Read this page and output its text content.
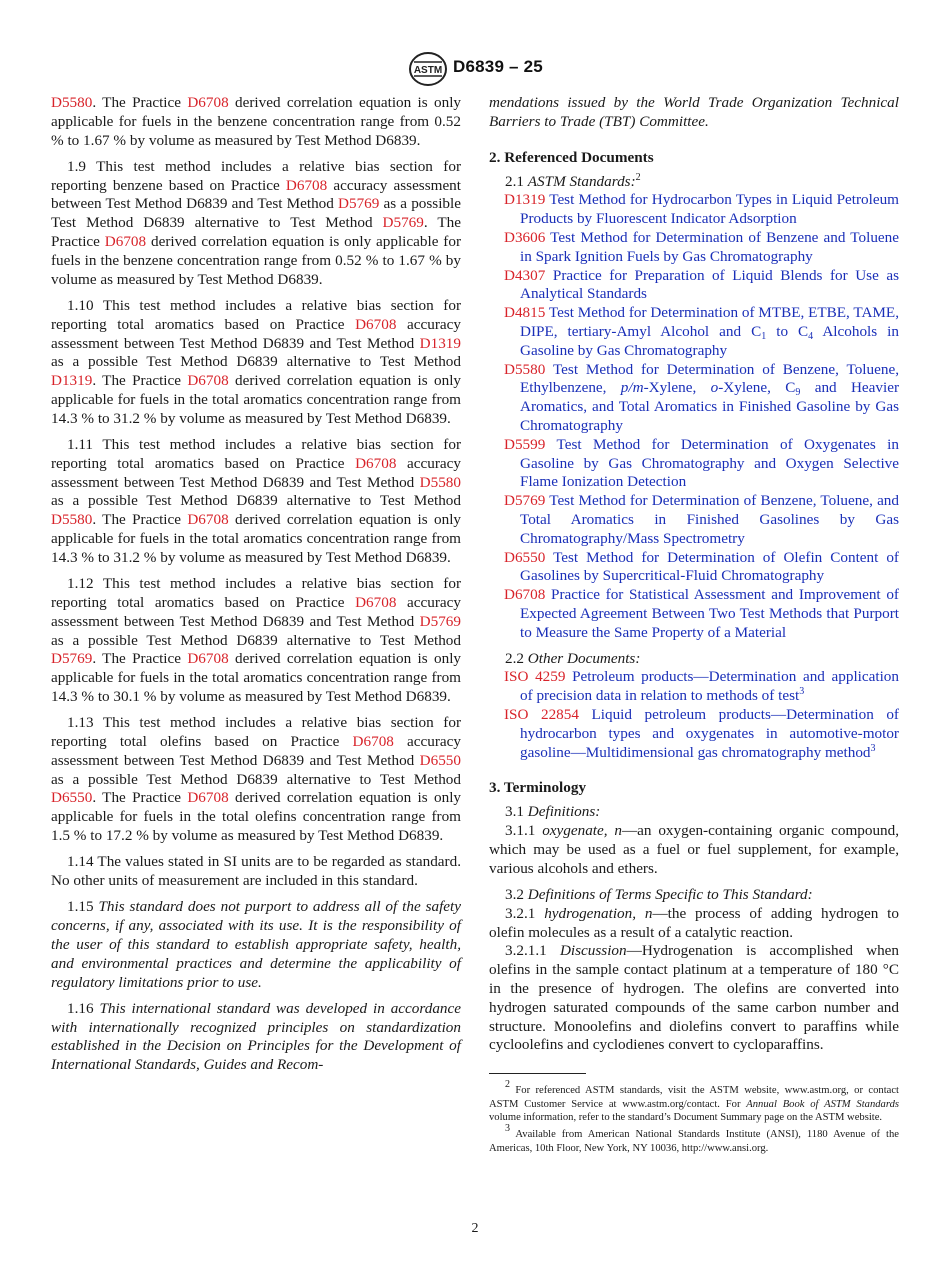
ASTM D6839 – 25

D5580. The Practice D6708 derived correlation equation is only applicable for fuels in the benzene concentration range from 0.52 % to 1.67 % by volume as measured by Test Method D6839.

1.9 This test method includes a relative bias section for reporting benzene based on Practice D6708 accuracy assessment between Test Method D6839 and Test Method D5769 as a possible Test Method D6839 alternative to Test Method D5769. The Practice D6708 derived correlation equation is only applicable for fuels in the benzene concentration range from 0.52 % to 1.67 % by volume as measured by Test Method D6839.

1.10 This test method includes a relative bias section for reporting total aromatics based on Practice D6708 accuracy assessment between Test Method D6839 and Test Method D1319 as a possible Test Method D6839 alternative to Test Method D1319. The Practice D6708 derived correlation equation is only applicable for fuels in the total aromatics concentration range from 14.3 % to 31.2 % by volume as measured by Test Method D6839.

1.11 This test method includes a relative bias section for reporting total aromatics based on Practice D6708 accuracy assessment between Test Method D6839 and Test Method D5580 as a possible Test Method D6839 alternative to Test Method D5580. The Practice D6708 derived correlation equation is only applicable for fuels in the total aromatics concentration range from 14.3 % to 31.2 % by volume as measured by Test Method D6839.

1.12 This test method includes a relative bias section for reporting total aromatics based on Practice D6708 accuracy assessment between Test Method D6839 and Test Method D5769 as a possible Test Method D6839 alternative to Test Method D5769. The Practice D6708 derived correlation equation is only applicable for fuels in the total aromatics concentration range from 14.3 % to 30.1 % by volume as measured by Test Method D6839.

1.13 This test method includes a relative bias section for reporting total olefins based on Practice D6708 accuracy assessment between Test Method D6839 and Test Method D6550 as a possible Test Method D6839 alternative to Test Method D6550. The Practice D6708 derived correlation equation is only applicable for fuels in the total olefins concentration range from 1.5 % to 17.2 % by volume as measured by Test Method D6839.

1.14 The values stated in SI units are to be regarded as standard. No other units of measurement are included in this standard.

1.15 This standard does not purport to address all of the safety concerns, if any, associated with its use. It is the responsibility of the user of this standard to establish appropriate safety, health, and environmental practices and determine the applicability of regulatory limitations prior to use.

1.16 This international standard was developed in accordance with internationally recognized principles on standardization established in the Decision on Principles for the Development of International Standards, Guides and Recom-

mendations issued by the World Trade Organization Technical Barriers to Trade (TBT) Committee.

2. Referenced Documents

2.1 ASTM Standards:$^2$

D1319 Test Method for Hydrocarbon Types in Liquid Petroleum Products by Fluorescent Indicator Adsorption

D3606 Test Method for Determination of Benzene and Toluene in Spark Ignition Fuels by Gas Chromatography

D4307 Practice for Preparation of Liquid Blends for Use as Analytical Standards

D4815 Test Method for Determination of MTBE, ETBE, TAME, DIPE, tertiary-Amyl Alcohol and $C_1$ to $C_4$ Alcohols in Gasoline by Gas Chromatography

D5580 Test Method for Determination of Benzene, Toluene, Ethylbenzene, p/m-Xylene, o-Xylene, $C_9$ and Heavier Aromatics, and Total Aromatics in Finished Gasoline by Gas Chromatography

D5599 Test Method for Determination of Oxygenates in Gasoline by Gas Chromatography and Oxygen Selective Flame Ionization Detection

D5769 Test Method for Determination of Benzene, Toluene, and Total Aromatics in Finished Gasolines by Gas Chromatography/Mass Spectrometry

D6550 Test Method for Determination of Olefin Content of Gasolines by Supercritical-Fluid Chromatography

D6708 Practice for Statistical Assessment and Improvement of Expected Agreement Between Two Test Methods that Purport to Measure the Same Property of a Material

2.2 Other Documents:

ISO 4259 Petroleum products—Determination and application of precision data in relation to methods of test$^3$

ISO 22854 Liquid petroleum products—Determination of hydrocarbon types and oxygenates in automotive-motor gasoline—Multidimensional gas chromatography method$^3$

3. Terminology

3.1 Definitions:

3.1.1 oxygenate, n—an oxygen-containing organic compound, which may be used as a fuel or fuel supplement, for example, various alcohols and ethers.

3.2 Definitions of Terms Specific to This Standard:

3.2.1 hydrogenation, n—the process of adding hydrogen to olefin molecules as a result of a catalytic reaction.

3.2.1.1 Discussion—Hydrogenation is accomplished when olefins in the sample contact platinum at a temperature of 180 °C in the presence of hydrogen. The olefins are converted into hydrogen saturated compounds of the same carbon number and structure. Monoolefins and diolefins convert to paraffins while cycloolefins and cyclodienes convert to cycloparaffins.

$^2$ For referenced ASTM standards, visit the ASTM website, www.astm.org, or contact ASTM Customer Service at www.astm.org/contact. For Annual Book of ASTM Standards volume information, refer to the standard’s Document Summary page on the ASTM website.

$^3$ Available from American National Standards Institute (ANSI), 1180 Avenue of the Americas, 10th Floor, New York, NY 10036, http://www.ansi.org.

2
